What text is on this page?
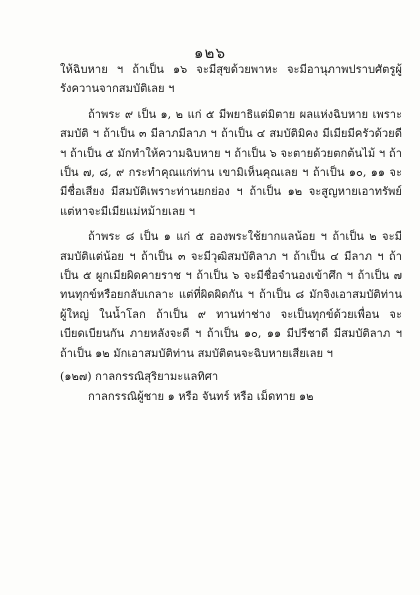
๑๒๖

ให้ฉิบหาย ฯ ถ้าเป็น ๑๖ จะมีสุขด้วยพาหะ จะมีอานุภาพปราบศัตรูผู้รังควานจากสมบัติเลย ฯ

ถ้าพระ ๙ เป็น ๑, ๒ แก่ ๕ มีพยาธิแต่มิตาย ผลแห่งฉิบหาย เพราะสมบัติ ฯ ถ้าเป็น ๓ มีลาภมีลาภ ฯ ถ้าเป็น ๔ สมบัติมิคง มีเมียมีครัวด้วยดี ฯ ถ้าเป็น ๕ มักทำให้ความฉิบหาย ฯ ถ้าเป็น ๖ จะตายด้วยตกต้นไม้ ฯ ถ้าเป็น ๗, ๘, ๙ กระทำคุณแก่ท่าน เขามิเห็นคุณเลย ฯ ถ้าเป็น ๑๐, ๑๑ จะมีชื่อเสียง มีสมบัติเพราะท่านยกย่อง ฯ ถ้าเป็น ๑๒ จะสูญหายเอาทรัพย์ แต่หาจะมีเมียแม่หม้ายเลย ฯ

ถ้าพระ ๘ เป็น ๑ แก่ ๕ อองพระใช้ยากแลน้อย ฯ ถ้าเป็น ๒ จะมีสมบัติแต่น้อย ฯ ถ้าเป็น ๓ จะมีวุฒิสมบัติลาภ ฯ ถ้าเป็น ๔ มีลาภ ฯ ถ้าเป็น ๕ ผูกเมียผิดคายราช ฯ ถ้าเป็น ๖ จะมีชื่อจำนองเข้าศึก ฯ ถ้าเป็น ๗ ทนทุกข์หรือยกลับเกลาะ แต่ที่ผิดผิดกัน ฯ ถ้าเป็น ๘ มักจิงเอาสมบัติท่านผู้ใหญ่ ในน้ำโลก ถ้าเป็น ๙ ทานท่าช่าง จะเป็นทุกข์ด้วยเพื่อน จะเบียดเบียนกัน ภายหลังจะดี ฯ ถ้าเป็น ๑๐, ๑๑ มีปรีชาดี มีสมบัติลาภ ฯ ถ้าเป็น ๑๒ มักเอาสมบัติท่าน สมบัติตนจะฉิบหายเสียเลย ฯ

(๑๒๗) กาลกรรณิสุริยามะแลทิศา

กาลกรรณิผู้ชาย ๑ หรือ จันทร์ หรือ เม็ดทาย ๑๒
